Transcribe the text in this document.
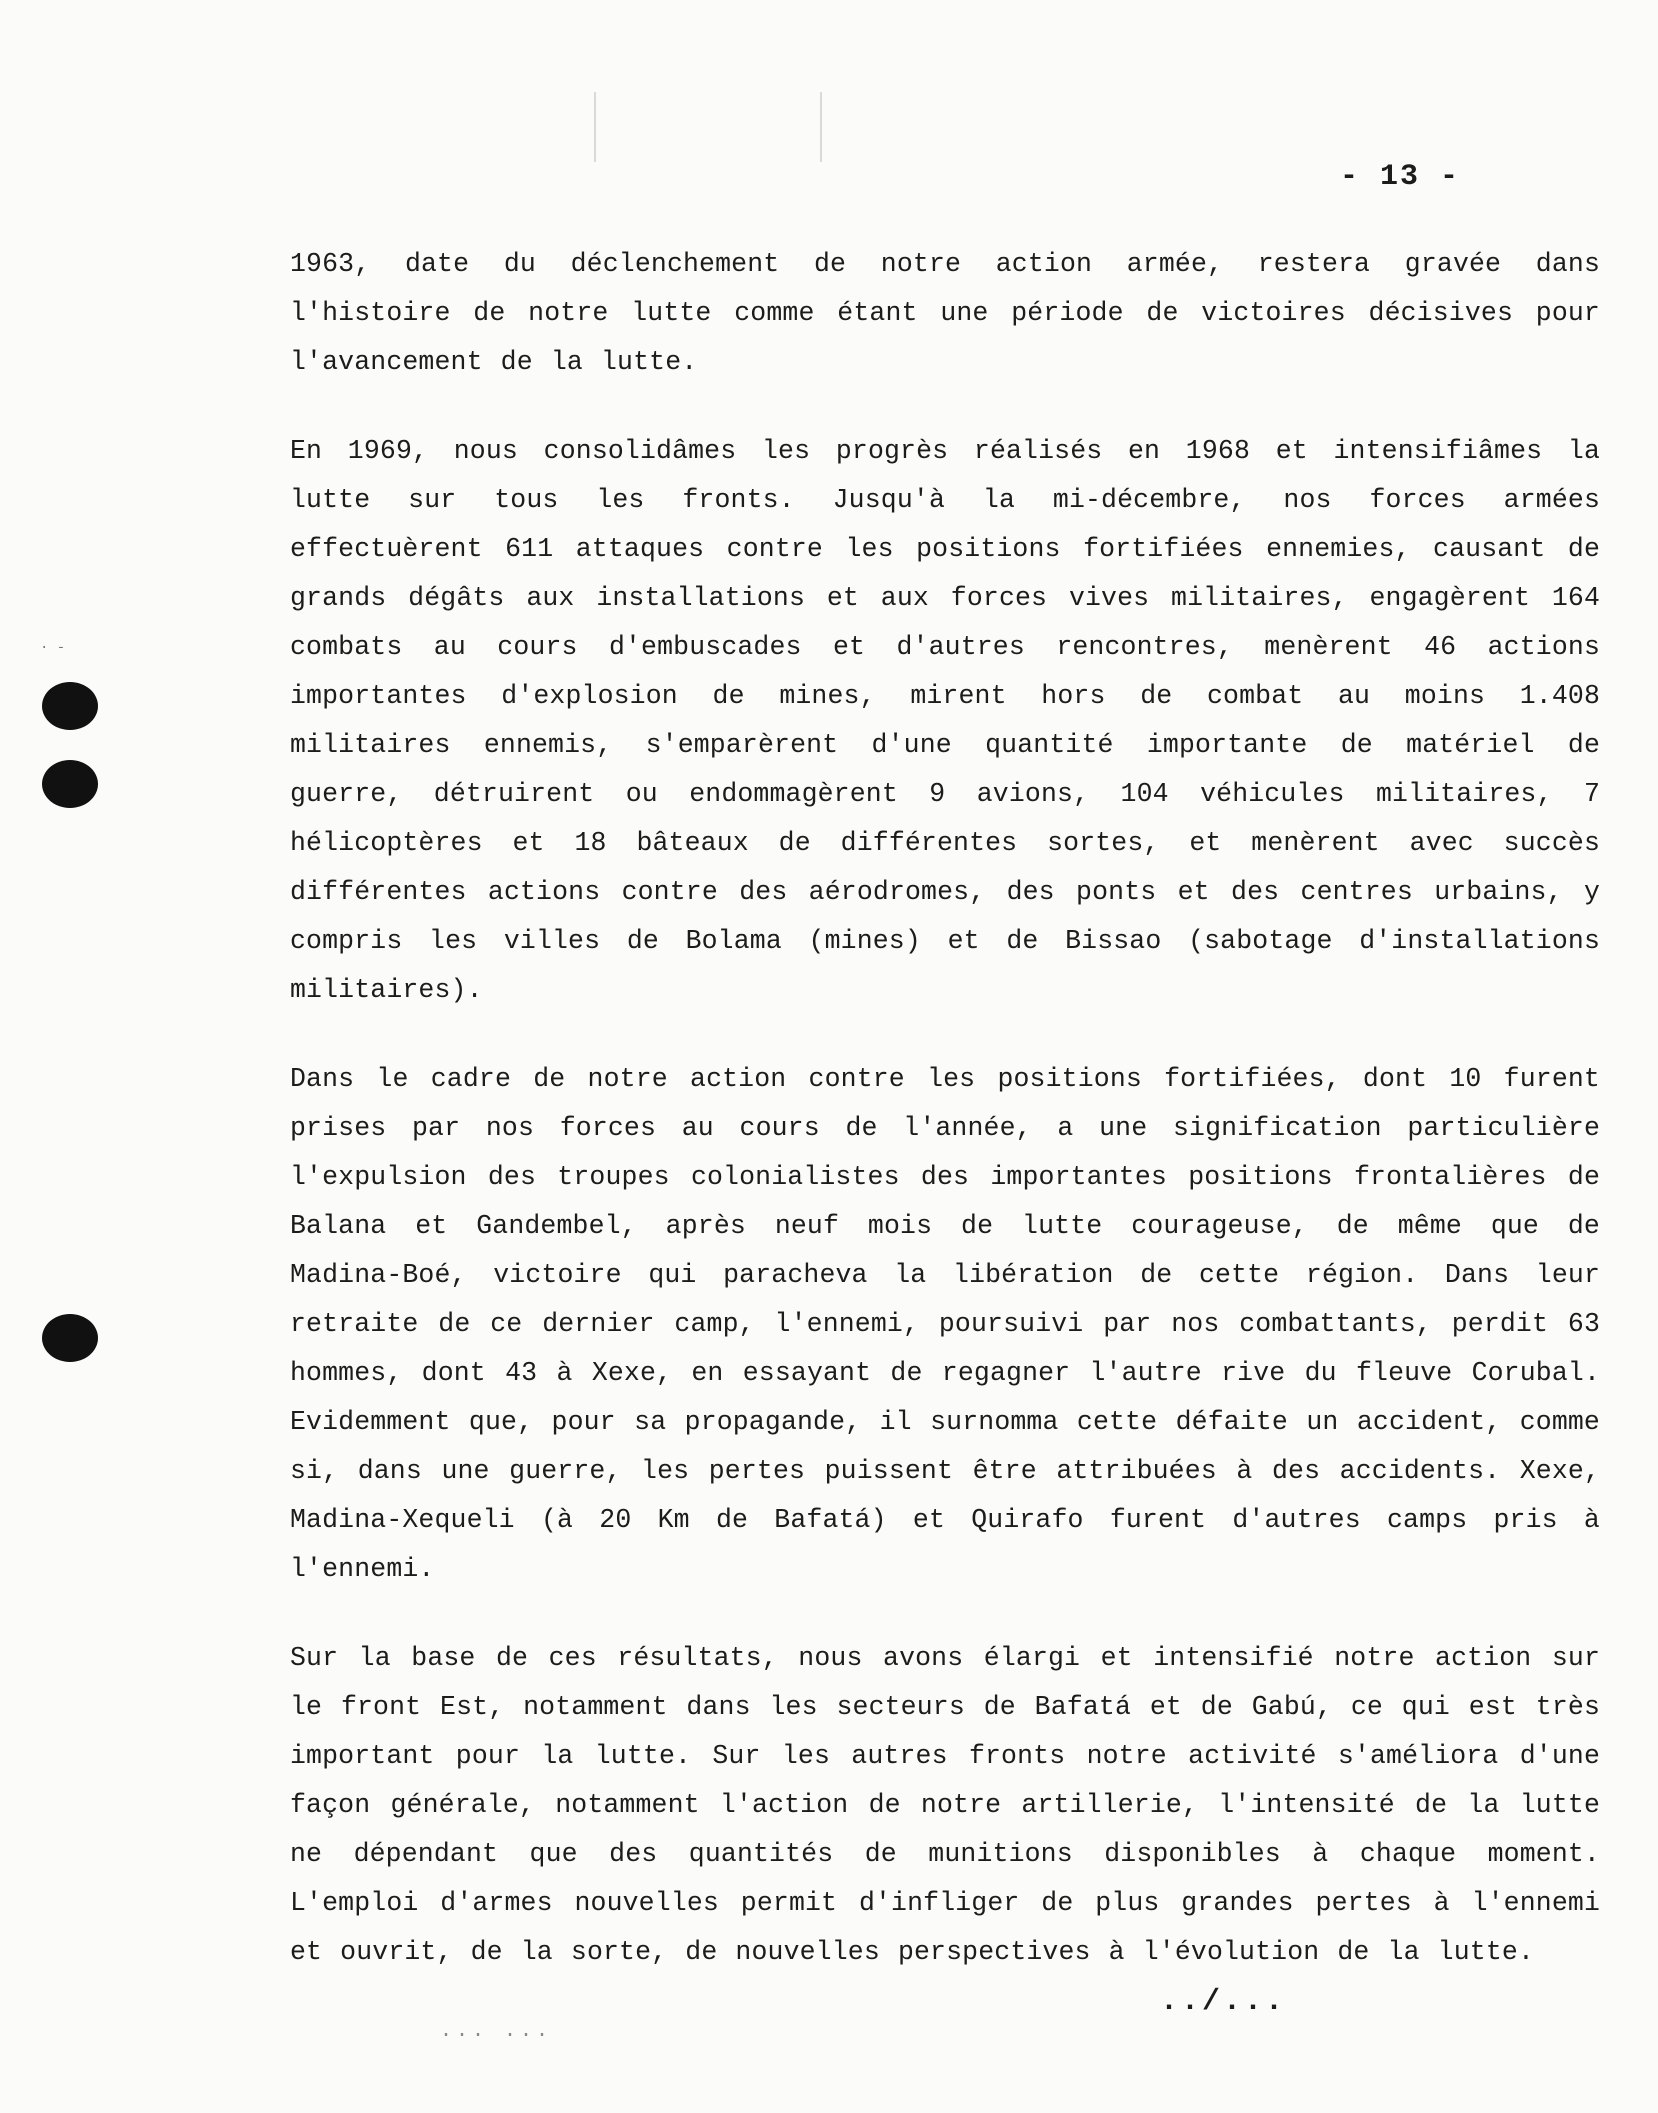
· -
- 13 -

1963, date du déclenchement de notre action armée, restera gravée dans l'histoire de notre lutte comme étant une période de victoires décisives pour l'avancement de la lutte.

En 1969, nous consolidâmes les progrès réalisés en 1968 et intensifiâmes la lutte sur tous les fronts. Jusqu'à la mi-décembre, nos forces armées effectuèrent 611 attaques contre les positions fortifiées ennemies, causant de grands dégâts aux installations et aux forces vives militaires, engagèrent 164 combats au cours d'embuscades et d'autres rencontres, menèrent 46 actions importantes d'explosion de mines, mirent hors de combat au moins 1.408 militaires ennemis, s'emparèrent d'une quantité importante de matériel de guerre, détruirent ou endommagèrent 9 avions, 104 véhicules militaires, 7 hélicoptères et 18 bâteaux de différentes sortes, et menèrent avec succès différentes actions contre des aérodromes, des ponts et des centres urbains, y compris les villes de Bolama (mines) et de Bissao (sabotage d'installations militaires).

Dans le cadre de notre action contre les positions fortifiées, dont 10 furent prises par nos forces au cours de l'année, a une signification particulière l'expulsion des troupes colonialistes des importantes positions frontalières de Balana et Gandembel, après neuf mois de lutte courageuse, de même que de Madina-Boé, victoire qui paracheva la libération de cette région. Dans leur retraite de ce dernier camp, l'ennemi, poursuivi par nos combattants, perdit 63 hommes, dont 43 à Xexe, en essayant de regagner l'autre rive du fleuve Corubal. Evidemment que, pour sa propagande, il surnomma cette défaite un accident, comme si, dans une guerre, les pertes puissent être attribuées à des accidents. Xexe, Madina-Xequeli (à 20 Km de Bafatá) et Quirafo furent d'autres camps pris à l'ennemi.

Sur la base de ces résultats, nous avons élargi et intensifié notre action sur le front Est, notamment dans les secteurs de Bafatá et de Gabú, ce qui est très important pour la lutte. Sur les autres fronts notre activité s'améliora d'une façon générale, notamment l'action de notre artillerie, l'intensité de la lutte ne dépendant que des quantités de munitions disponibles à chaque moment. L'emploi d'armes nouvelles permit d'infliger de plus grandes pertes à l'ennemi et ouvrit, de la sorte, de nouvelles perspectives à l'évolution de la lutte.

../...
... ...
